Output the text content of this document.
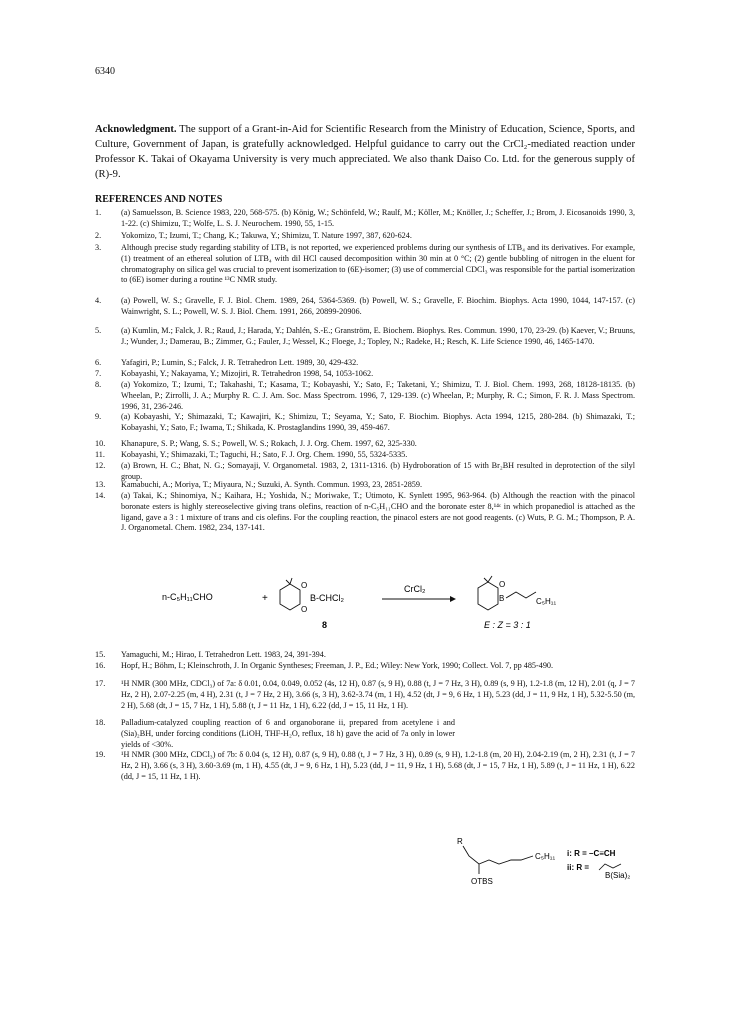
6340
Acknowledgment. The support of a Grant-in-Aid for Scientific Research from the Ministry of Education, Science, Sports, and Culture, Government of Japan, is gratefully acknowledged. Helpful guidance to carry out the CrCl₂-mediated reaction under Professor K. Takai of Okayama University is very much appreciated. We also thank Daiso Co. Ltd. for the generous supply of (R)-9.
REFERENCES AND NOTES
1.	(a) Samuelsson, B. Science 1983, 220, 568-575. (b) König, W.; Schönfeld, W.; Raulf, M.; Köller, M.; Knöller, J.; Scheffer, J.; Brom, J. Eicosanoids 1990, 3, 1-22. (c) Shimizu, T.; Wolfe, L. S. J. Neurochem. 1990, 55, 1-15.
2.	Yokomizo, T.; Izumi, T.; Chang, K.; Takuwa, Y.; Shimizu, T. Nature 1997, 387, 620-624.
3.	Although precise study regarding stability of LTB₄ is not reported, we experienced problems during our synthesis of LTB₄ and its derivatives. For example, (1) treatment of an ethereal solution of LTB₄ with dil HCl caused decomposition within 30 min at 0 °C; (2) gentle bubbling of nitrogen in the eluent for chromatography on silica gel was crucial to prevent isomerization to (6E)-isomer; (3) use of commercial CDCl₃ was responsible for the partial isomerization to (6E) isomer during a routine ¹³C NMR study.
4.	(a) Powell, W. S.; Gravelle, F. J. Biol. Chem. 1989, 264, 5364-5369. (b) Powell, W. S.; Gravelle, F. Biochim. Biophys. Acta 1990, 1044, 147-157. (c) Wainwright, S. L.; Powell, W. S. J. Biol. Chem. 1991, 266, 20899-20906.
5.	(a) Kumlin, M.; Falck, J. R.; Raud, J.; Harada, Y.; Dahlén, S.-E.; Granström, E. Biochem. Biophys. Res. Commun. 1990, 170, 23-29. (b) Kaever, V.; Bruuns, J.; Wunder, J.; Damerau, B.; Zimmer, G.; Fauler, J.; Wessel, K.; Floege, J.; Topley, N.; Radeke, H.; Resch, K. Life Science 1990, 46, 1465-1470.
6.	Yafagiri, P.; Lumin, S.; Falck, J. R. Tetrahedron Lett. 1989, 30, 429-432.
7.	Kobayashi, Y.; Nakayama, Y.; Mizojiri, R. Tetrahedron 1998, 54, 1053-1062.
8.	(a) Yokomizo, T.; Izumi, T.; Takahashi, T.; Kasama, T.; Kobayashi, Y.; Sato, F.; Taketani, Y.; Shimizu, T. J. Biol. Chem. 1993, 268, 18128-18135. (b) Wheelan, P.; Zirrolli, J. A.; Murphy R. C. J. Am. Soc. Mass Spectrom. 1996, 7, 129-139. (c) Wheelan, P.; Murphy, R. C.; Simon, F. R. J. Mass Spectrom. 1996, 31, 236-246.
9.	(a) Kobayashi, Y.; Shimazaki, T.; Kawajiri, K.; Shimizu, T.; Seyama, Y.; Sato, F. Biochim. Biophys. Acta 1994, 1215, 280-284. (b) Shimazaki, T.; Kobayashi, Y.; Sato, F.; Iwama, T.; Shikada, K. Prostaglandins 1990, 39, 459-467.
10.	Khanapure, S. P.; Wang, S. S.; Powell, W. S.; Rokach, J. J. Org. Chem. 1997, 62, 325-330.
11.	Kobayashi, Y.; Shimazaki, T.; Taguchi, H.; Sato, F. J. Org. Chem. 1990, 55, 5324-5335.
12.	(a) Brown, H. C.; Bhat, N. G.; Somayaji, V. Organometal. 1983, 2, 1311-1316. (b) Hydroboration of 15 with Br₂BH resulted in deprotection of the silyl group.
13.	Kamabuchi, A.; Moriya, T.; Miyaura, N.; Suzuki, A. Synth. Commun. 1993, 23, 2851-2859.
14.	(a) Takai, K.; Shinomiya, N.; Kaihara, H.; Yoshida, N.; Moriwake, T.; Utimoto, K. Synlett 1995, 963-964. (b) Although the reaction with the pinacol boronate esters is highly stereoselective giving trans olefins, reaction of n-C₅H₁₁CHO and the boronate ester 8,¹⁴ᶜ in which propanediol is attached as the ligand, gave a 3 : 1 mixture of trans and cis olefins. For the coupling reaction, the pinacol esters are not good reagents. (c) Wuts, P. G. M.; Thompson, P. A. J. Organometal. Chem. 1982, 234, 137-141.
15.	Yamaguchi, M.; Hirao, I. Tetrahedron Lett. 1983, 24, 391-394.
16.	Hopf, H.; Böhm, I.; Kleinschroth, J. In Organic Syntheses; Freeman, J. P., Ed.; Wiley: New York, 1990; Collect. Vol. 7, pp 485-490.
17.	¹H NMR (300 MHz, CDCl₃) of 7a: δ 0.01, 0.04, 0.049, 0.052 (4s, 12 H), 0.87 (s, 9 H), 0.88 (t, J = 7 Hz, 3 H), 0.89 (s, 9 H), 1.2-1.8 (m, 12 H), 2.01 (q, J = 7 Hz, 2 H), 2.07-2.25 (m, 4 H), 2.31 (t, J = 7 Hz, 2 H), 3.66 (s, 3 H), 3.62-3.74 (m, 1 H), 4.52 (dt, J = 9, 6 Hz, 1 H), 5.23 (dd, J = 11, 9 Hz, 1 H), 5.32-5.50 (m, 2 H), 5.68 (dt, J = 15, 7 Hz, 1 H), 5.88 (t, J = 11 Hz, 1 H), 6.22 (dd, J = 15, 11 Hz, 1 H).
18.	Palladium-catalyzed coupling reaction of 6 and organoborane ii, prepared from acetylene i and (Sia)₂BH, under forcing conditions (LiOH, THF-H₂O, reflux, 18 h) gave the acid of 7a only in lower yields of <30%.
19.	¹H NMR (300 MHz, CDCl₃) of 7b: δ 0.04 (s, 12 H), 0.87 (s, 9 H), 0.88 (t, J = 7 Hz, 3 H), 0.89 (s, 9 H), 1.2-1.8 (m, 20 H), 2.04-2.19 (m, 2 H), 2.31 (t, J = 7 Hz, 2 H), 3.66 (s, 3 H), 3.60-3.69 (m, 1 H), 4.55 (dt, J = 9, 6 Hz, 1 H), 5.23 (dd, J = 11, 9 Hz, 1 H), 5.68 (dt, J = 15, 7 Hz, 1 H), 5.89 (t, J = 11 Hz, 1 H), 6.22 (dd, J = 15, 11 Hz, 1 H).
n-C₅H₁₁CHO	+
O
O
B-CHCl₂
8
CrCl₂	O
B	C₅H₁₁
E : Z = 3 : 1
R
OTBS
C₅H₁₁ i: R = –C≡CH
ii: R =
B(Sia)₂
